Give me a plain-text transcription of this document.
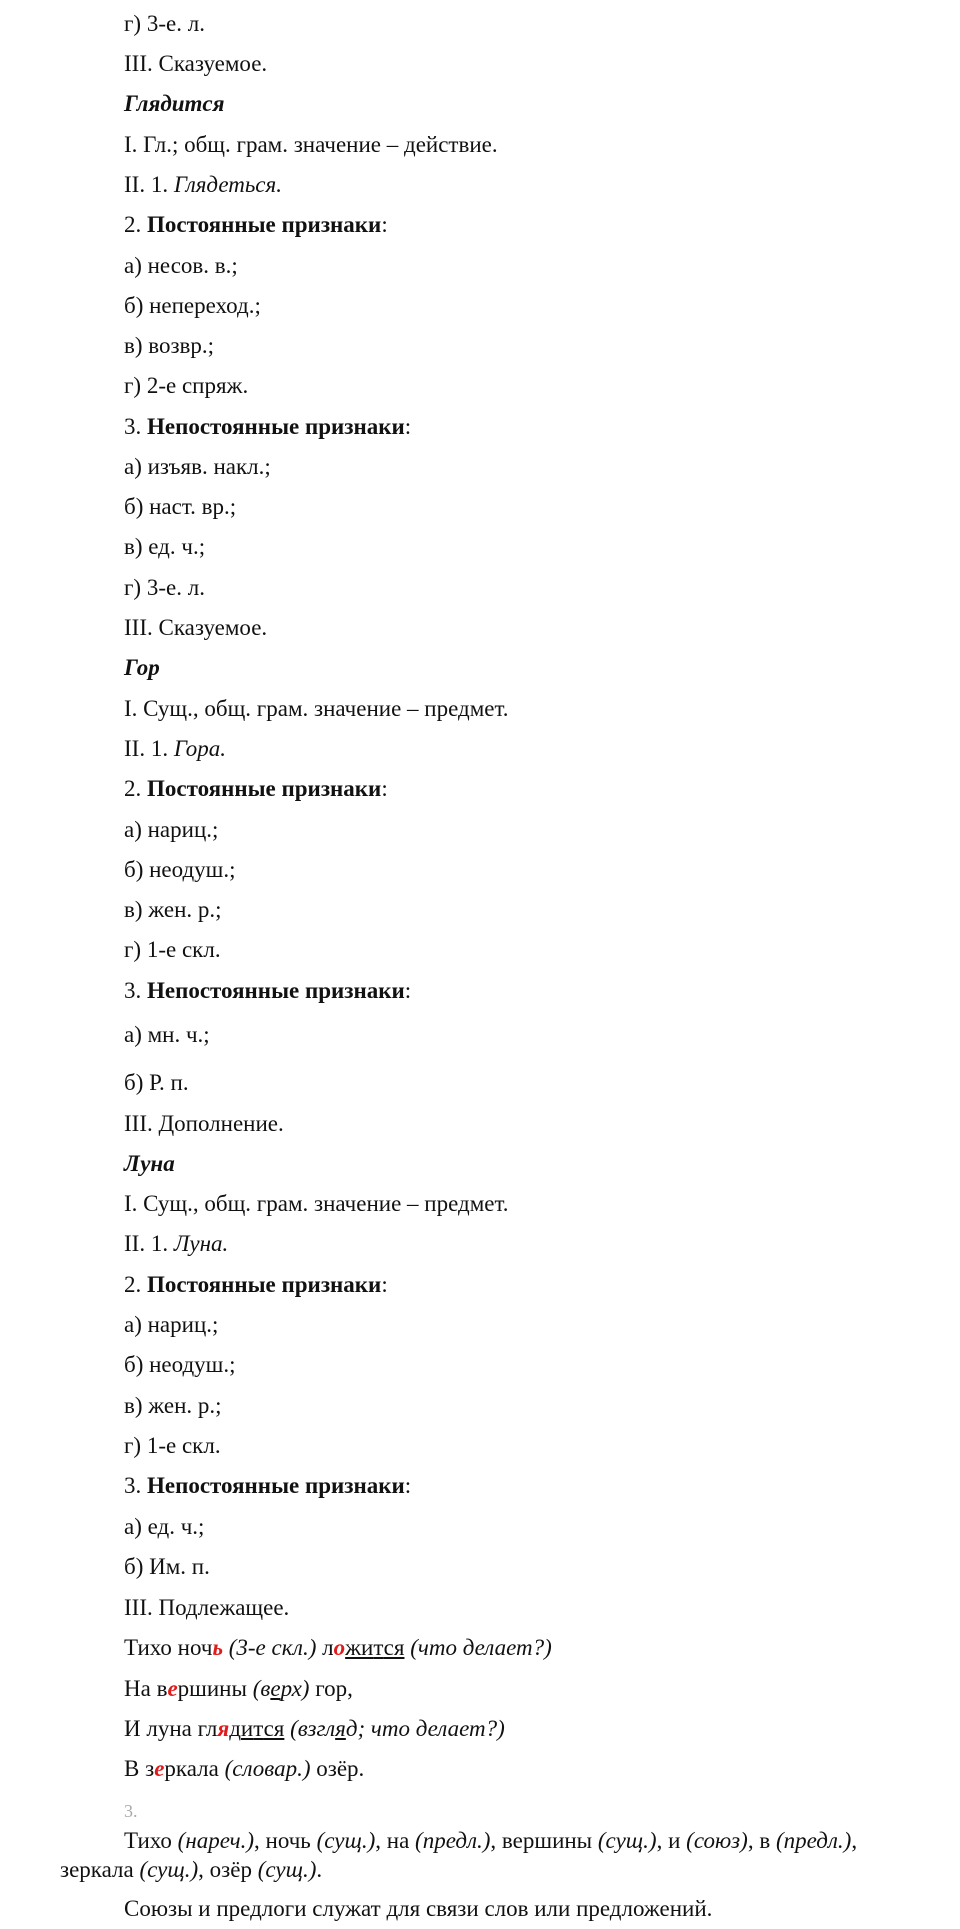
г) 3-е. л.
III. Сказуемое.
Глядится
I. Гл.; общ. грам. значение – действие.
II. 1. Глядеться.
2. Постоянные признаки:
а) несов. в.;
б) непереход.;
в) возвр.;
г) 2-е спряж.
3. Непостоянные признаки:
а) изъяв. накл.;
б) наст. вр.;
в) ед. ч.;
г) 3-е. л.
III. Сказуемое.
Гор
I. Сущ., общ. грам. значение – предмет.
II. 1. Гора.
2. Постоянные признаки:
а) нариц.;
б) неодуш.;
в) жен. р.;
г) 1-е скл.
3. Непостоянные признаки:
а) мн. ч.;
б) Р. п.
III. Дополнение.
Луна
I. Сущ., общ. грам. значение – предмет.
II. 1. Луна.
2. Постоянные признаки:
а) нариц.;
б) неодуш.;
в) жен. р.;
г) 1-е скл.
3. Непостоянные признаки:
а) ед. ч.;
б) Им. п.
III. Подлежащее.
Тихо ночь (3-е скл.) ложится (что делает?)
На вершины (верх) гор,
И луна глядится (взгляд; что делает?)
В зеркала (словар.) озёр.
3.
Тихо (нареч.), ночь (сущ.), на (предл.), вершины (сущ.), и (союз), в (предл.), зеркала (сущ.), озёр (сущ.).
Союзы и предлоги служат для связи слов или предложений.
